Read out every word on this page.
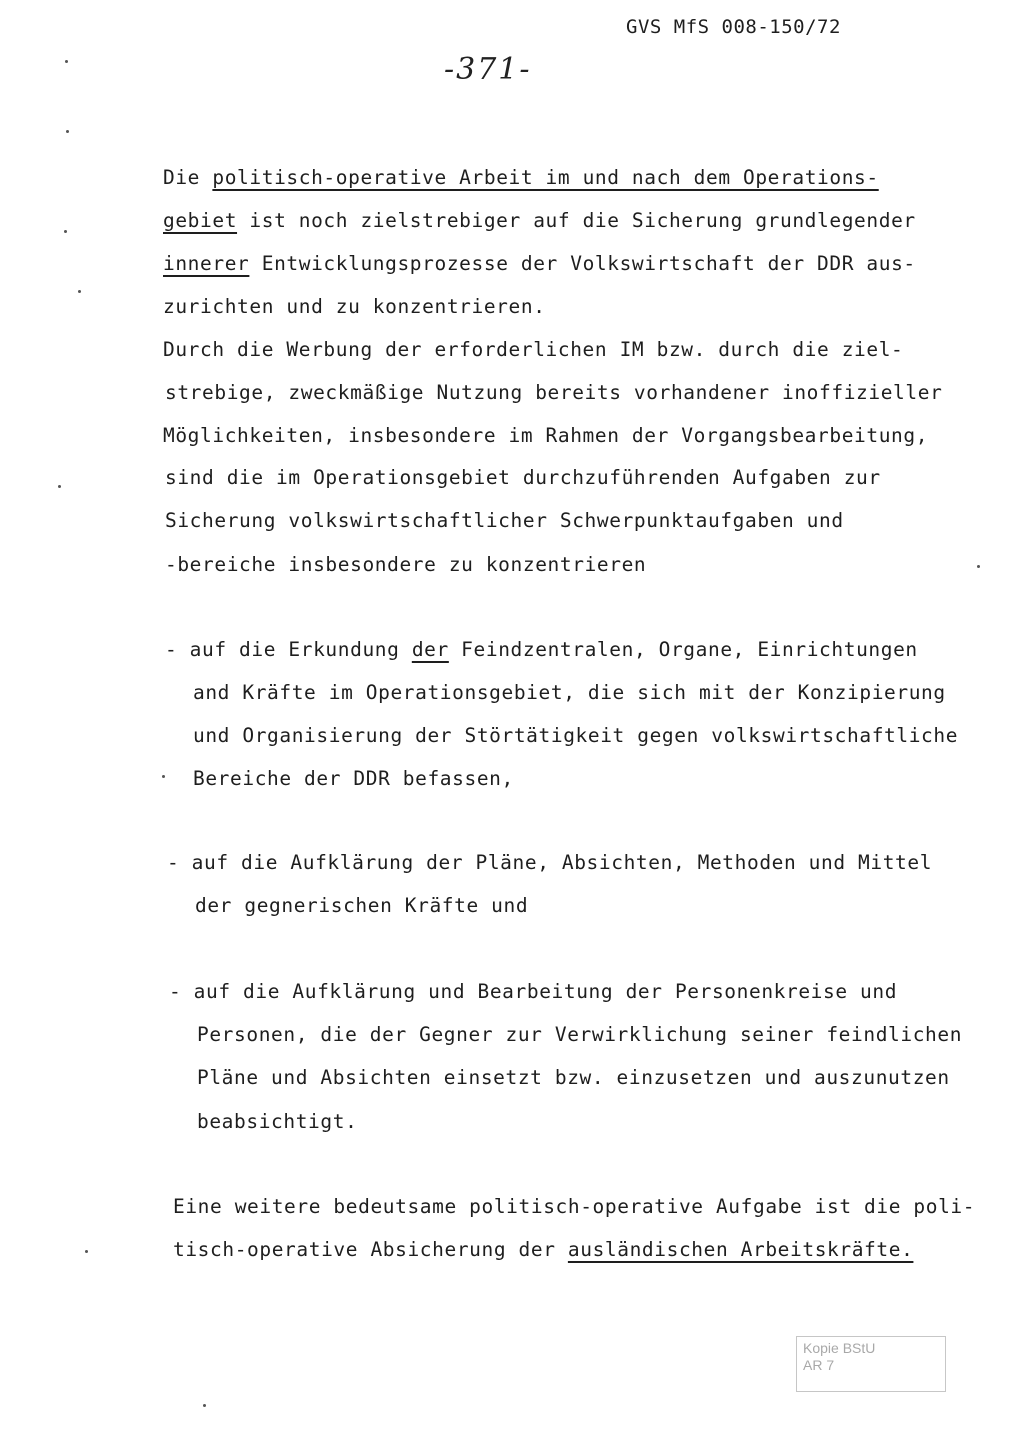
GVS MfS 008-150/72
-371-
Die politisch-operative Arbeit im und nach dem Operations-
gebiet ist noch zielstrebiger auf die Sicherung grundlegender
innerer Entwicklungsprozesse der Volkswirtschaft der DDR aus-
zurichten und zu konzentrieren.
Durch die Werbung der erforderlichen IM bzw. durch die ziel-
strebige, zweckmäßige Nutzung bereits vorhandener inoffizieller
Möglichkeiten, insbesondere im Rahmen der Vorgangsbearbeitung,
sind die im Operationsgebiet durchzuführenden Aufgaben zur
Sicherung volkswirtschaftlicher Schwerpunktaufgaben und
-bereiche insbesondere zu konzentrieren
- auf die Erkundung der Feindzentralen, Organe, Einrichtungen
and Kräfte im Operationsgebiet, die sich mit der Konzipierung
und Organisierung der Störtätigkeit gegen volkswirtschaftliche
Bereiche der DDR befassen,
- auf die Aufklärung der Pläne, Absichten, Methoden und Mittel
der gegnerischen Kräfte und
- auf die Aufklärung und Bearbeitung der Personenkreise und
Personen, die der Gegner zur Verwirklichung seiner feindlichen
Pläne und Absichten einsetzt bzw. einzusetzen und auszunutzen
beabsichtigt.
Eine weitere bedeutsame politisch-operative Aufgabe ist die poli-
tisch-operative Absicherung der ausländischen Arbeitskräfte.
Kopie BStU
AR 7
